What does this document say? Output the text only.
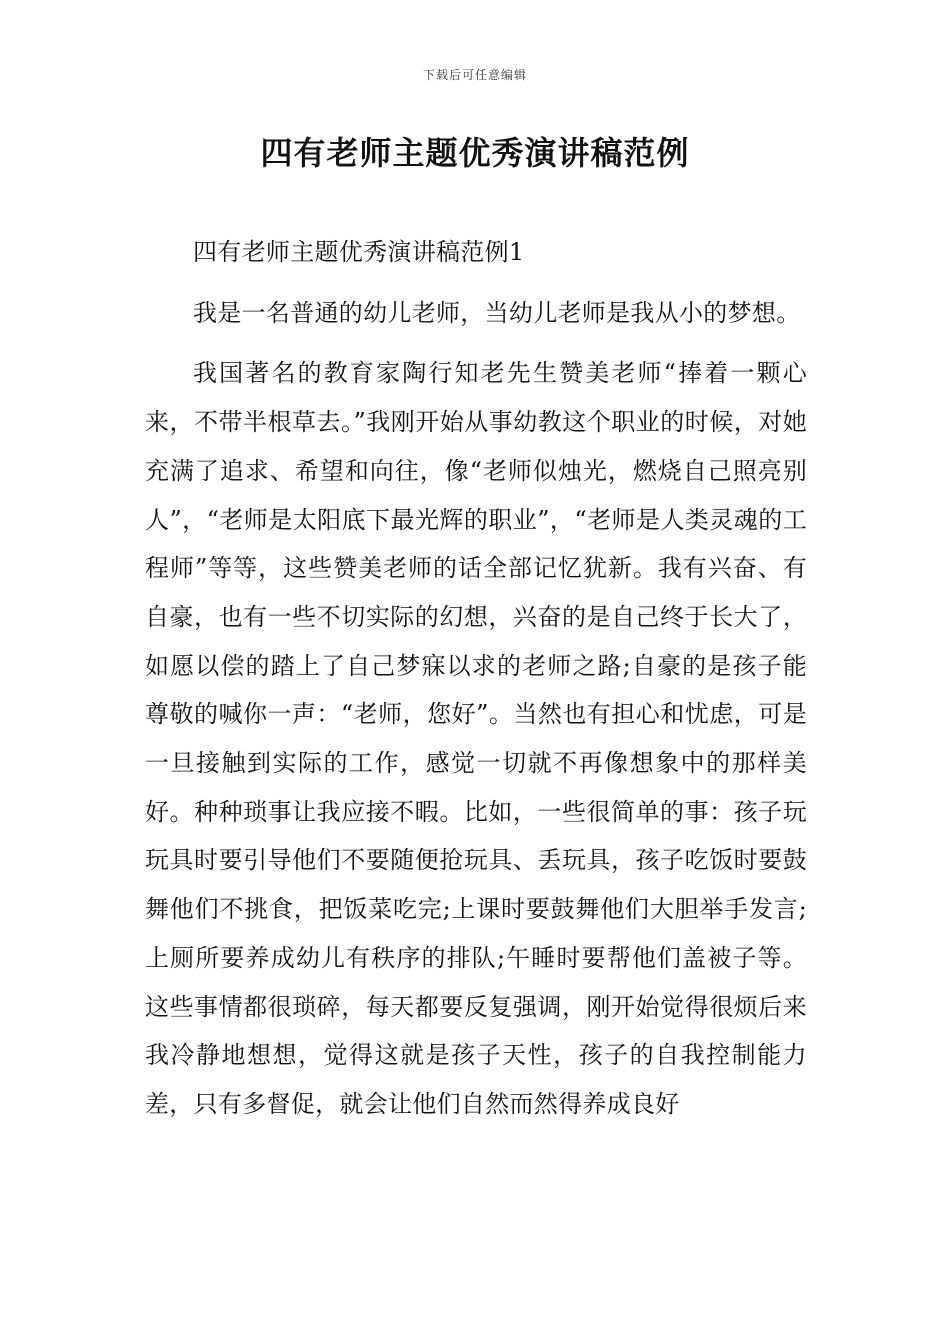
下载后可任意编辑
四有老师主题优秀演讲稿范例

四有老师主题优秀演讲稿范例1

我是一名普通的幼儿老师，当幼儿老师是我从小的梦想。

我国著名的教育家陶行知老先生赞美老师“捧着一颗心来，不带半根草去。”我刚开始从事幼教这个职业的时候，对她充满了追求、希望和向往，像“老师似烛光，燃烧自己照亮别人”，“老师是太阳底下最光辉的职业”，“老师是人类灵魂的工程师”等等，这些赞美老师的话全部记忆犹新。我有兴奋、有自豪，也有一些不切实际的幻想，兴奋的是自己终于长大了，如愿以偿的踏上了自己梦寐以求的老师之路;自豪的是孩子能尊敬的喊你一声：“老师，您好”。当然也有担心和忧虑，可是一旦接触到实际的工作，感觉一切就不再像想象中的那样美好。种种琐事让我应接不暇。比如，一些很简单的事：孩子玩玩具时要引导他们不要随便抢玩具、丢玩具，孩子吃饭时要鼓舞他们不挑食，把饭菜吃完;上课时要鼓舞他们大胆举手发言;上厕所要养成幼儿有秩序的排队;午睡时要帮他们盖被子等。这些事情都很琐碎，每天都要反复强调，刚开始觉得很烦后来我冷静地想想，觉得这就是孩子天性，孩子的自我控制能力差，只有多督促，就会让他们自然而然得养成良好
